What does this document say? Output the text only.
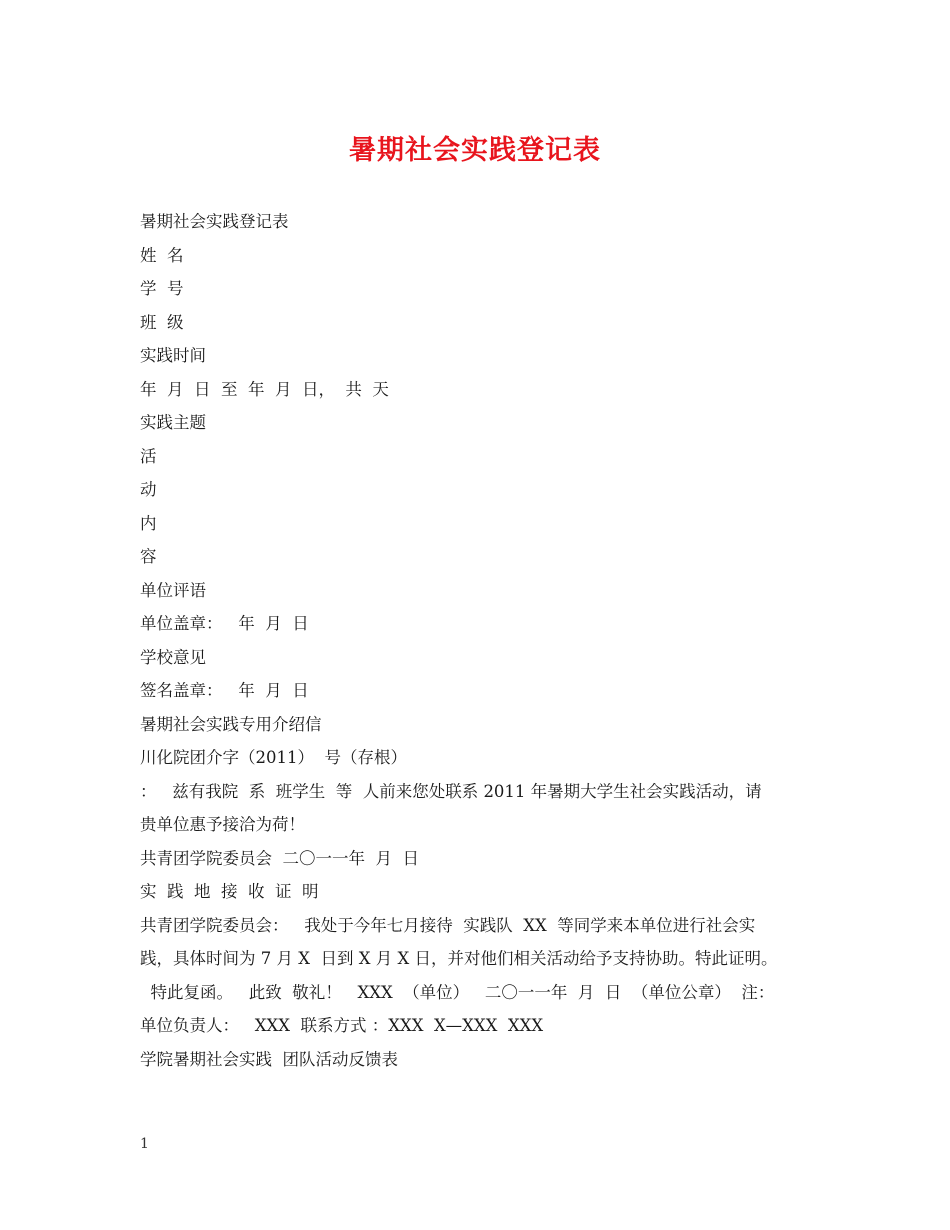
暑期社会实践登记表
暑期社会实践登记表
姓  名
学  号
班  级
实践时间
年  月  日  至  年  月  日，  共  天
实践主题
活
动
内
容
单位评语
单位盖章：   年  月  日
学校意见
签名盖章：   年  月  日
暑期社会实践专用介绍信
川化院团介字（2011）  号（存根）
：   兹有我院  系  班学生  等  人前来您处联系 2011 年暑期大学生社会实践活动，请
贵单位惠予接洽为荷！
共青团学院委员会  二〇一一年  月  日
实  践  地  接  收  证  明
共青团学院委员会：   我处于今年七月接待  实践队  XX  等同学来本单位进行社会实
践，具体时间为 7 月 X  日到 X 月 X 日，并对他们相关活动给予支持协助。特此证明。
特此复函。   此致  敬礼！   XXX  （单位）   二〇一一年  月  日  （单位公章）  注：
单位负责人：   XXX  联系方式 ：XXX  X—XXX  XXX
学院暑期社会实践  团队活动反馈表
1
